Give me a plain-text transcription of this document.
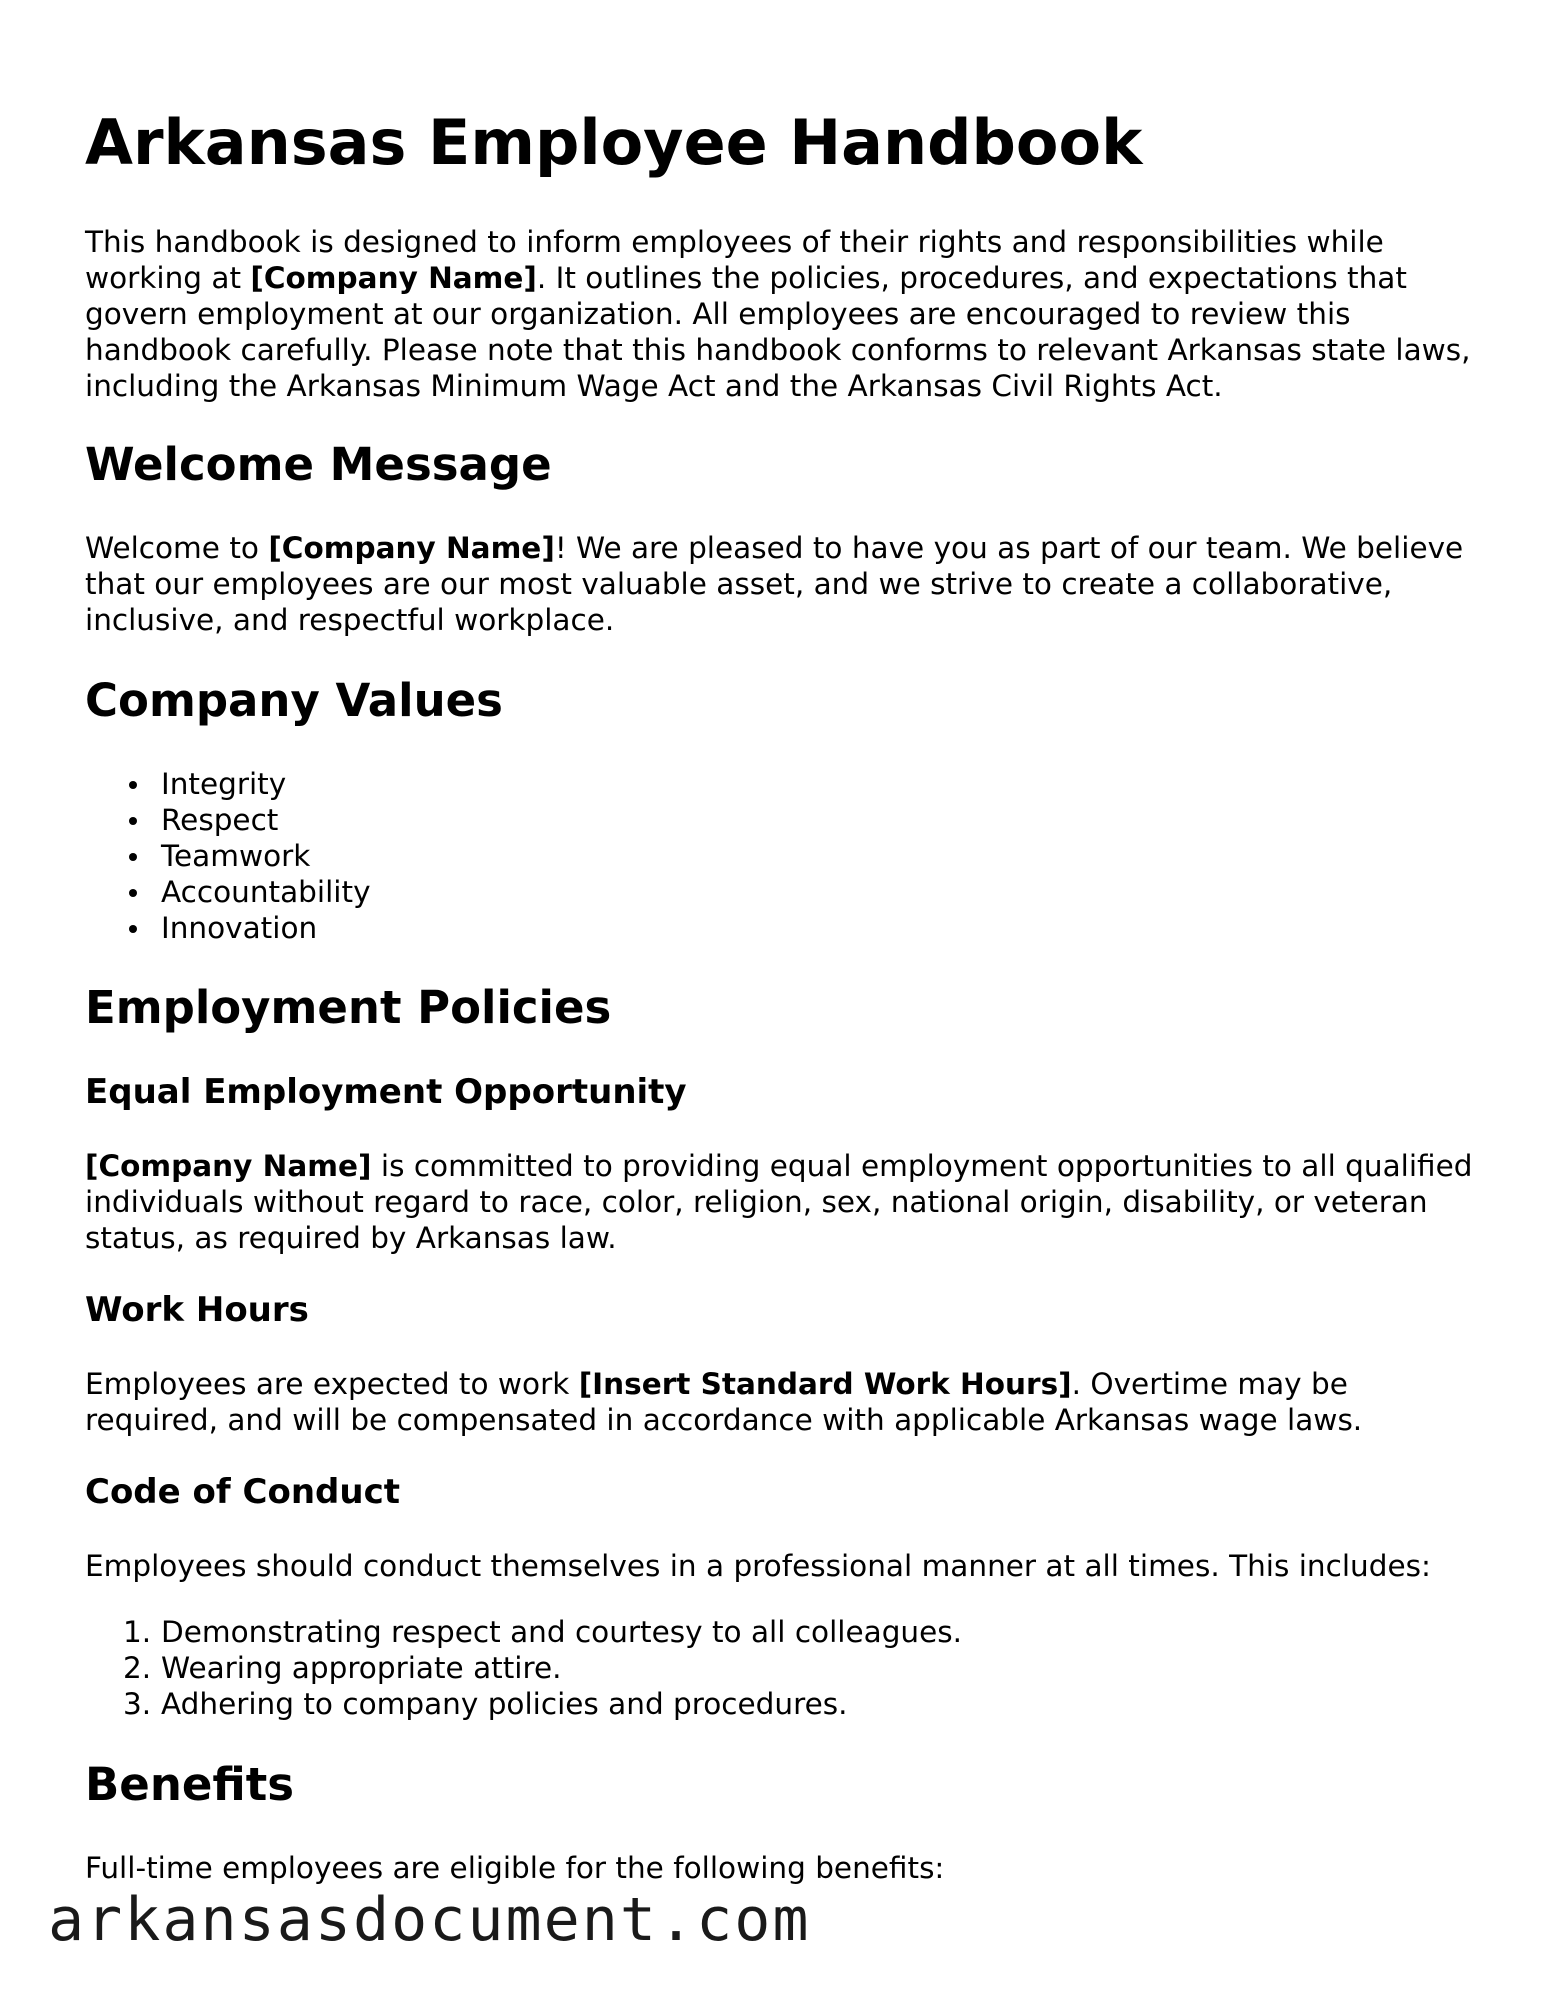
Arkansas Employee Handbook

This handbook is designed to inform employees of their rights and responsibilities while working at [Company Name]. It outlines the policies, procedures, and expectations that govern employment at our organization. All employees are encouraged to review this handbook carefully. Please note that this handbook conforms to relevant Arkansas state laws, including the Arkansas Minimum Wage Act and the Arkansas Civil Rights Act.

Welcome Message

Welcome to [Company Name]! We are pleased to have you as part of our team. We believe that our employees are our most valuable asset, and we strive to create a collaborative, inclusive, and respectful workplace.

Company Values
Integrity
Respect
Teamwork
Accountability
Innovation
Employment Policies
Equal Employment Opportunity

[Company Name] is committed to providing equal employment opportunities to all qualified individuals without regard to race, color, religion, sex, national origin, disability, or veteran status, as required by Arkansas law.

Work Hours

Employees are expected to work [Insert Standard Work Hours]. Overtime may be required, and will be compensated in accordance with applicable Arkansas wage laws.

Code of Conduct

Employees should conduct themselves in a professional manner at all times. This includes:

1. Demonstrating respect and courtesy to all colleagues.
2. Wearing appropriate attire.
3. Adhering to company policies and procedures.
Benefits

Full-time employees are eligible for the following benefits:

arkansasdocument.com
